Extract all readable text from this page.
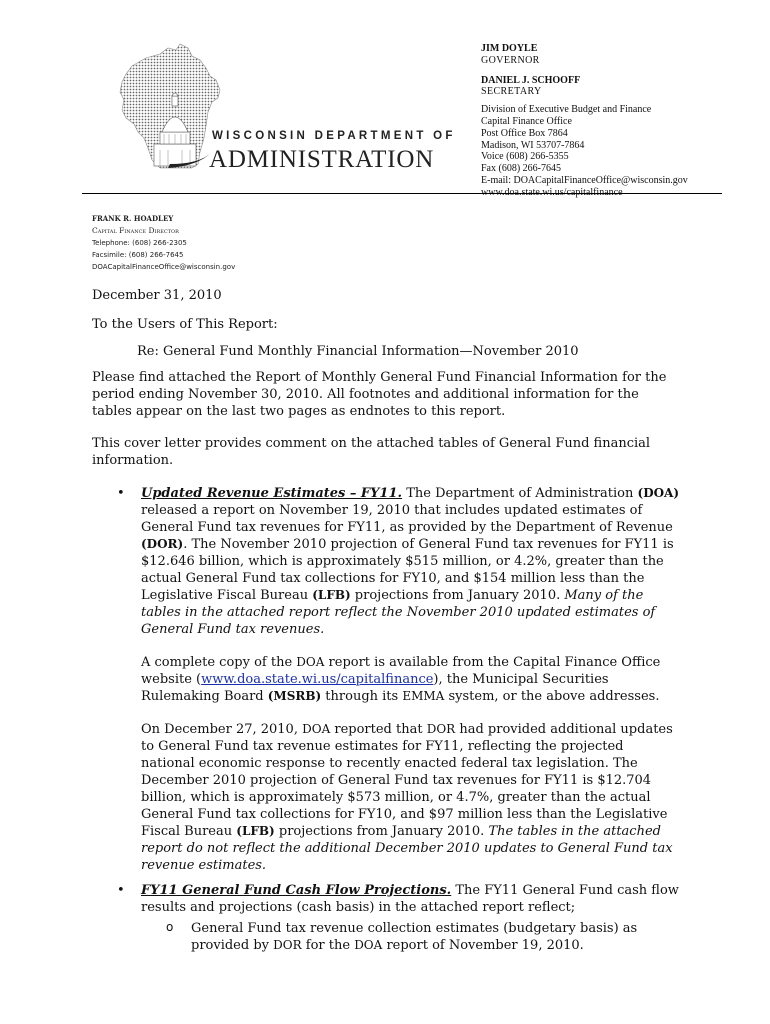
WISCONSIN DEPARTMENT OF
ADMINISTRATION
JIM DOYLE
GOVERNOR
DANIEL J. SCHOOFF
SECRETARY
Division of Executive Budget and Finance
Capital Finance Office
Post Office Box 7864
Madison, WI 53707-7864
Voice (608) 266-5355
Fax (608) 266-7645
E-mail: DOACapitalFinanceOffice@wisconsin.gov
www.doa.state.wi.us/capitalfinance
FRANK R. HOADLEY
Capital Finance Director
Telephone: (608) 266-2305
Facsimile: (608) 266-7645
DOACapitalFinanceOffice@wisconsin.gov
December 31, 2010
To the Users of This Report:
Re: General Fund Monthly Financial Information—November 2010
Please find attached the Report of Monthly General Fund Financial Information for the period ending November 30, 2010. All footnotes and additional information for the tables appear on the last two pages as endnotes to this report.
This cover letter provides comment on the attached tables of General Fund financial information.
• Updated Revenue Estimates – FY11. The Department of Administration (DOA) released a report on November 19, 2010 that includes updated estimates of General Fund tax revenues for FY11, as provided by the Department of Revenue (DOR). The November 2010 projection of General Fund tax revenues for FY11 is $12.646 billion, which is approximately $515 million, or 4.2%, greater than the actual General Fund tax collections for FY10, and $154 million less than the Legislative Fiscal Bureau (LFB) projections from January 2010. Many of the tables in the attached report reflect the November 2010 updated estimates of General Fund tax revenues.
A complete copy of the DOA report is available from the Capital Finance Office website (www.doa.state.wi.us/capitalfinance), the Municipal Securities Rulemaking Board (MSRB) through its EMMA system, or the above addresses.
On December 27, 2010, DOA reported that DOR had provided additional updates to General Fund tax revenue estimates for FY11, reflecting the projected national economic response to recently enacted federal tax legislation. The December 2010 projection of General Fund tax revenues for FY11 is $12.704 billion, which is approximately $573 million, or 4.7%, greater than the actual General Fund tax collections for FY10, and $97 million less than the Legislative Fiscal Bureau (LFB) projections from January 2010. The tables in the attached report do not reflect the additional December 2010 updates to General Fund tax revenue estimates.
• FY11 General Fund Cash Flow Projections. The FY11 General Fund cash flow results and projections (cash basis) in the attached report reflect;
o General Fund tax revenue collection estimates (budgetary basis) as provided by DOR for the DOA report of November 19, 2010.
